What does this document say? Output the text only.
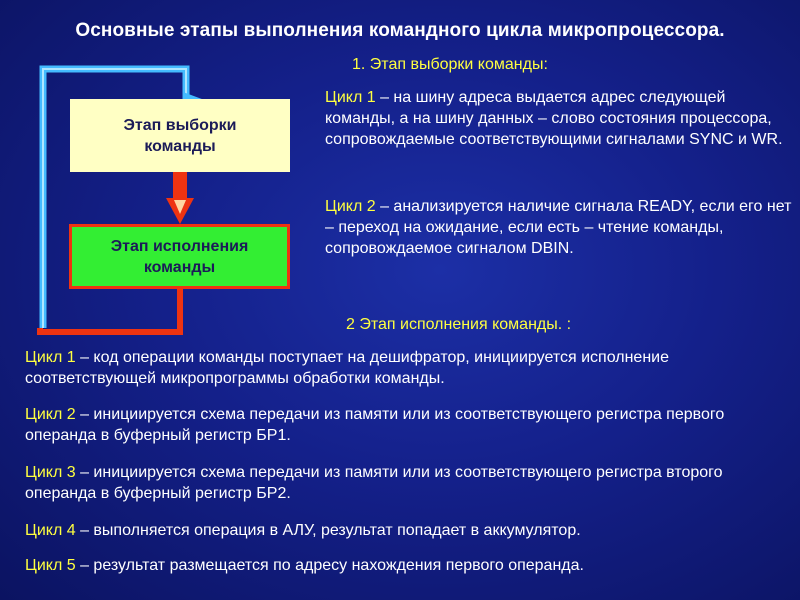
Основные этапы выполнения командного цикла микропроцессора.
Этап выборки команды
Этап исполнения команды
1. Этап выборки команды:
Цикл 1 – на шину адреса выдается адрес следующей команды, а на шину данных – слово состояния процессора, сопровождаемые соответствующими сигналами SYNC и WR.
Цикл 2 – анализируется наличие сигнала READY, если его нет – переход на ожидание, если есть – чтение команды, сопровождаемое сигналом DBIN.
2 Этап исполнения команды. :
Цикл 1 – код операции команды поступает на дешифратор, инициируется исполнение соответствующей микропрограммы обработки команды.
Цикл 2 – инициируется схема передачи из памяти или из соответствующего регистра первого операнда в буферный регистр БР1.
Цикл 3 – инициируется схема передачи из памяти или из соответствующего регистра второго операнда в буферный регистр БР2.
Цикл 4 – выполняется операция в АЛУ, результат попадает в аккумулятор.
Цикл 5 – результат размещается по адресу нахождения первого операнда.
